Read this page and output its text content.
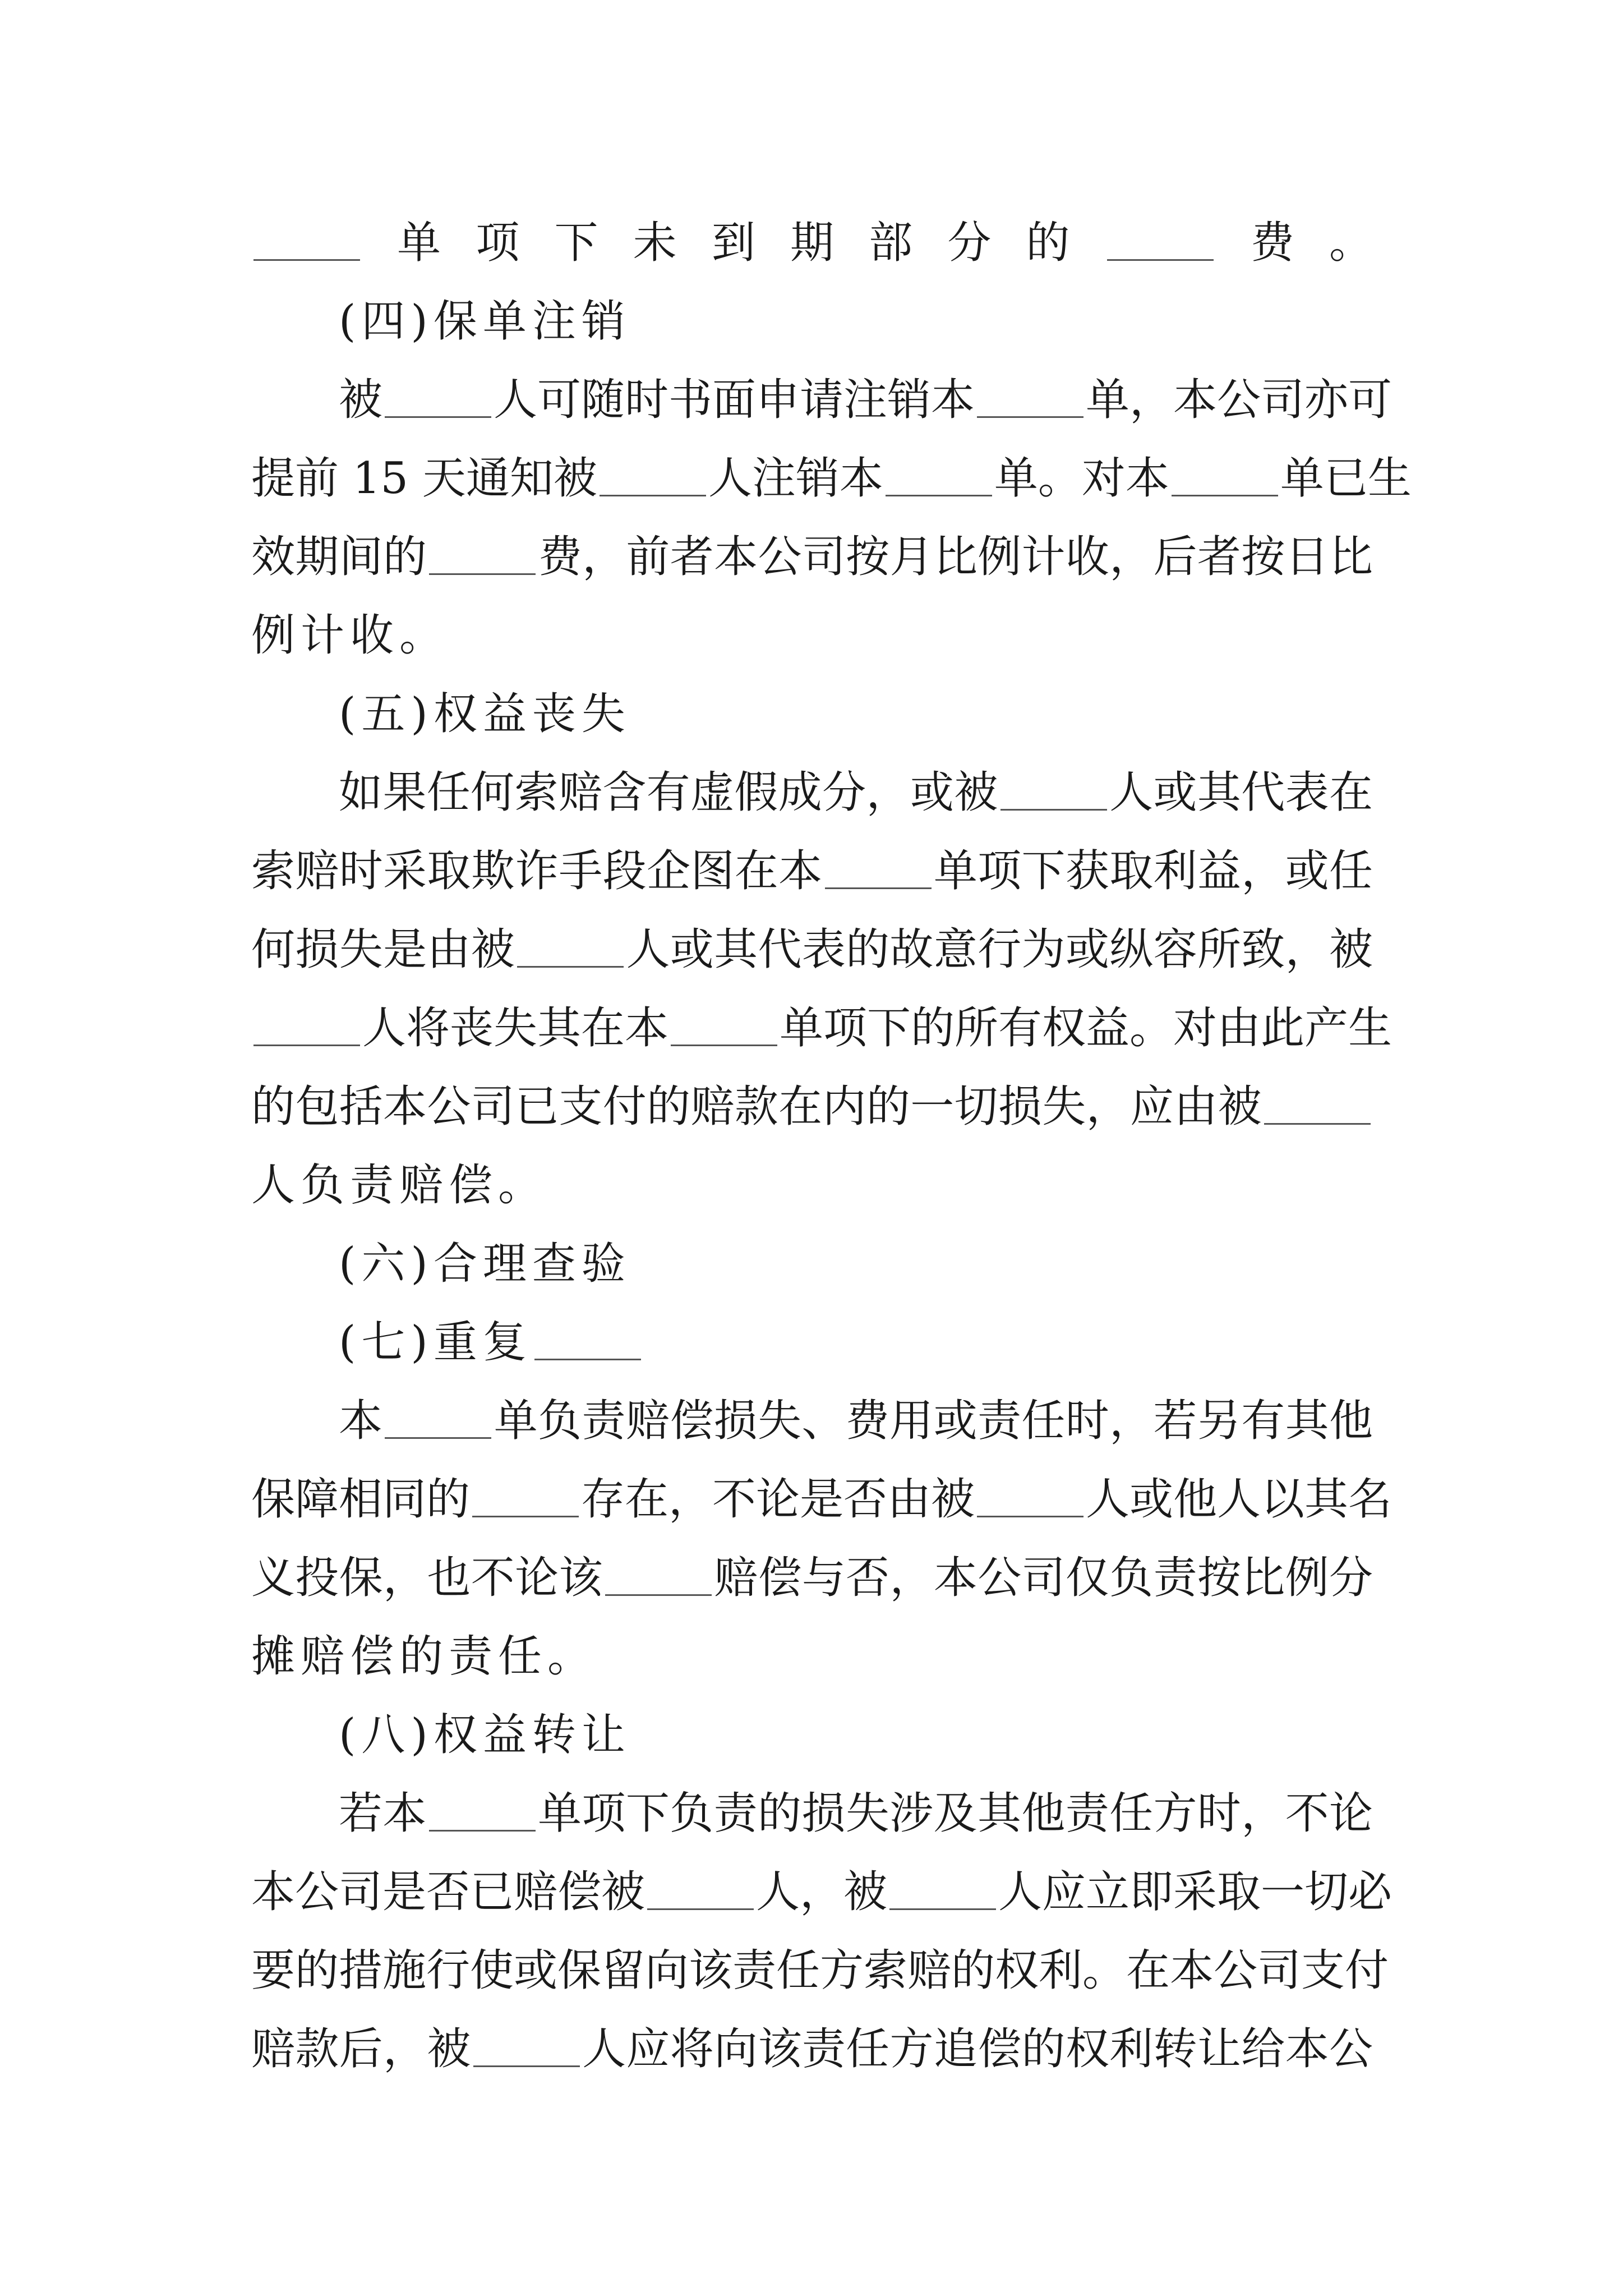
单项下未到期部分的	费。
(四)保单注销
被	人可随时书面申请注销本	单，本公司亦可
提前 15 天通知被	人注销本	单。对本	单已生
效期间的	费，前者本公司按月比例计收，后者按日比
例计收。
(五)权益丧失
如果任何索赔含有虚假成分，或被	人或其代表在
索赔时采取欺诈手段企图在本	单项下获取利益，或任
何损失是由被	人或其代表的故意行为或纵容所致，被
人将丧失其在本	单项下的所有权益。对由此产生
的包括本公司已支付的赔款在内的一切损失，应由被
人负责赔偿。
(六)合理查验
(七)重复
本	单负责赔偿损失、费用或责任时，若另有其他
保障相同的	存在，不论是否由被	人或他人以其名
义投保，也不论该	赔偿与否，本公司仅负责按比例分
摊赔偿的责任。
(八)权益转让
若本	单项下负责的损失涉及其他责任方时，不论
本公司是否已赔偿被	人，被	人应立即采取一切必
要的措施行使或保留向该责任方索赔的权利。在本公司支付
赔款后，被	人应将向该责任方追偿的权利转让给本公
